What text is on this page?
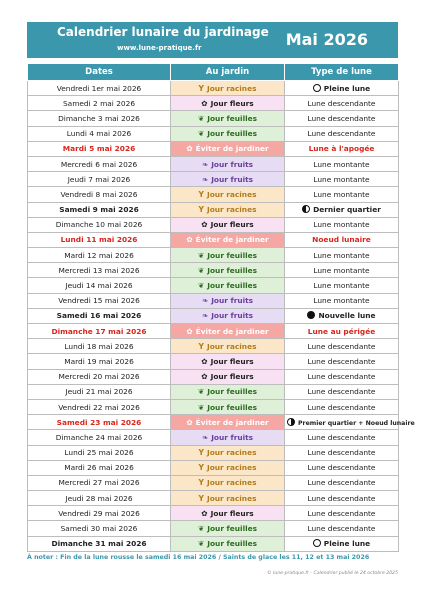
Calendrier lunaire du jardinage
www.lune-pratique.fr	Mai 2026
Dates	Au jardin	Type de lune
Vendredi 1er mai 2026	Y Jour racines	Pleine lune
Samedi 2 mai 2026	✿ Jour fleurs	Lune descendante
Dimanche 3 mai 2026	❦ Jour feuilles	Lune descendante
Lundi 4 mai 2026	❦ Jour feuilles	Lune descendante
Mardi 5 mai 2026	✿ Éviter de jardiner	Lune à l'apogée
Mercredi 6 mai 2026	❧ Jour fruits	Lune montante
Jeudi 7 mai 2026	❧ Jour fruits	Lune montante
Vendredi 8 mai 2026	Y Jour racines	Lune montante
Samedi 9 mai 2026	Y Jour racines	Dernier quartier
Dimanche 10 mai 2026	✿ Jour fleurs	Lune montante
Lundi 11 mai 2026	✿ Éviter de jardiner	Noeud lunaire
Mardi 12 mai 2026	❦ Jour feuilles	Lune montante
Mercredi 13 mai 2026	❦ Jour feuilles	Lune montante
Jeudi 14 mai 2026	❦ Jour feuilles	Lune montante
Vendredi 15 mai 2026	❧ Jour fruits	Lune montante
Samedi 16 mai 2026	❧ Jour fruits	Nouvelle lune
Dimanche 17 mai 2026	✿ Éviter de jardiner	Lune au périgée
Lundi 18 mai 2026	Y Jour racines	Lune descendante
Mardi 19 mai 2026	✿ Jour fleurs	Lune descendante
Mercredi 20 mai 2026	✿ Jour fleurs	Lune descendante
Jeudi 21 mai 2026	❦ Jour feuilles	Lune descendante
Vendredi 22 mai 2026	❦ Jour feuilles	Lune descendante
Samedi 23 mai 2026	✿ Éviter de jardiner	Premier quartier + Noeud lunaire
Dimanche 24 mai 2026	❧ Jour fruits	Lune descendante
Lundi 25 mai 2026	Y Jour racines	Lune descendante
Mardi 26 mai 2026	Y Jour racines	Lune descendante
Mercredi 27 mai 2026	Y Jour racines	Lune descendante
Jeudi 28 mai 2026	Y Jour racines	Lune descendante
Vendredi 29 mai 2026	✿ Jour fleurs	Lune descendante
Samedi 30 mai 2026	❦ Jour feuilles	Lune descendante
Dimanche 31 mai 2026	❦ Jour feuilles	Pleine lune
À noter : Fin de la lune rousse le samedi 16 mai 2026 / Saints de glace les 11, 12 et 13 mai 2026
© lune-pratique.fr - Calendrier publié le 24 octobre 2025
